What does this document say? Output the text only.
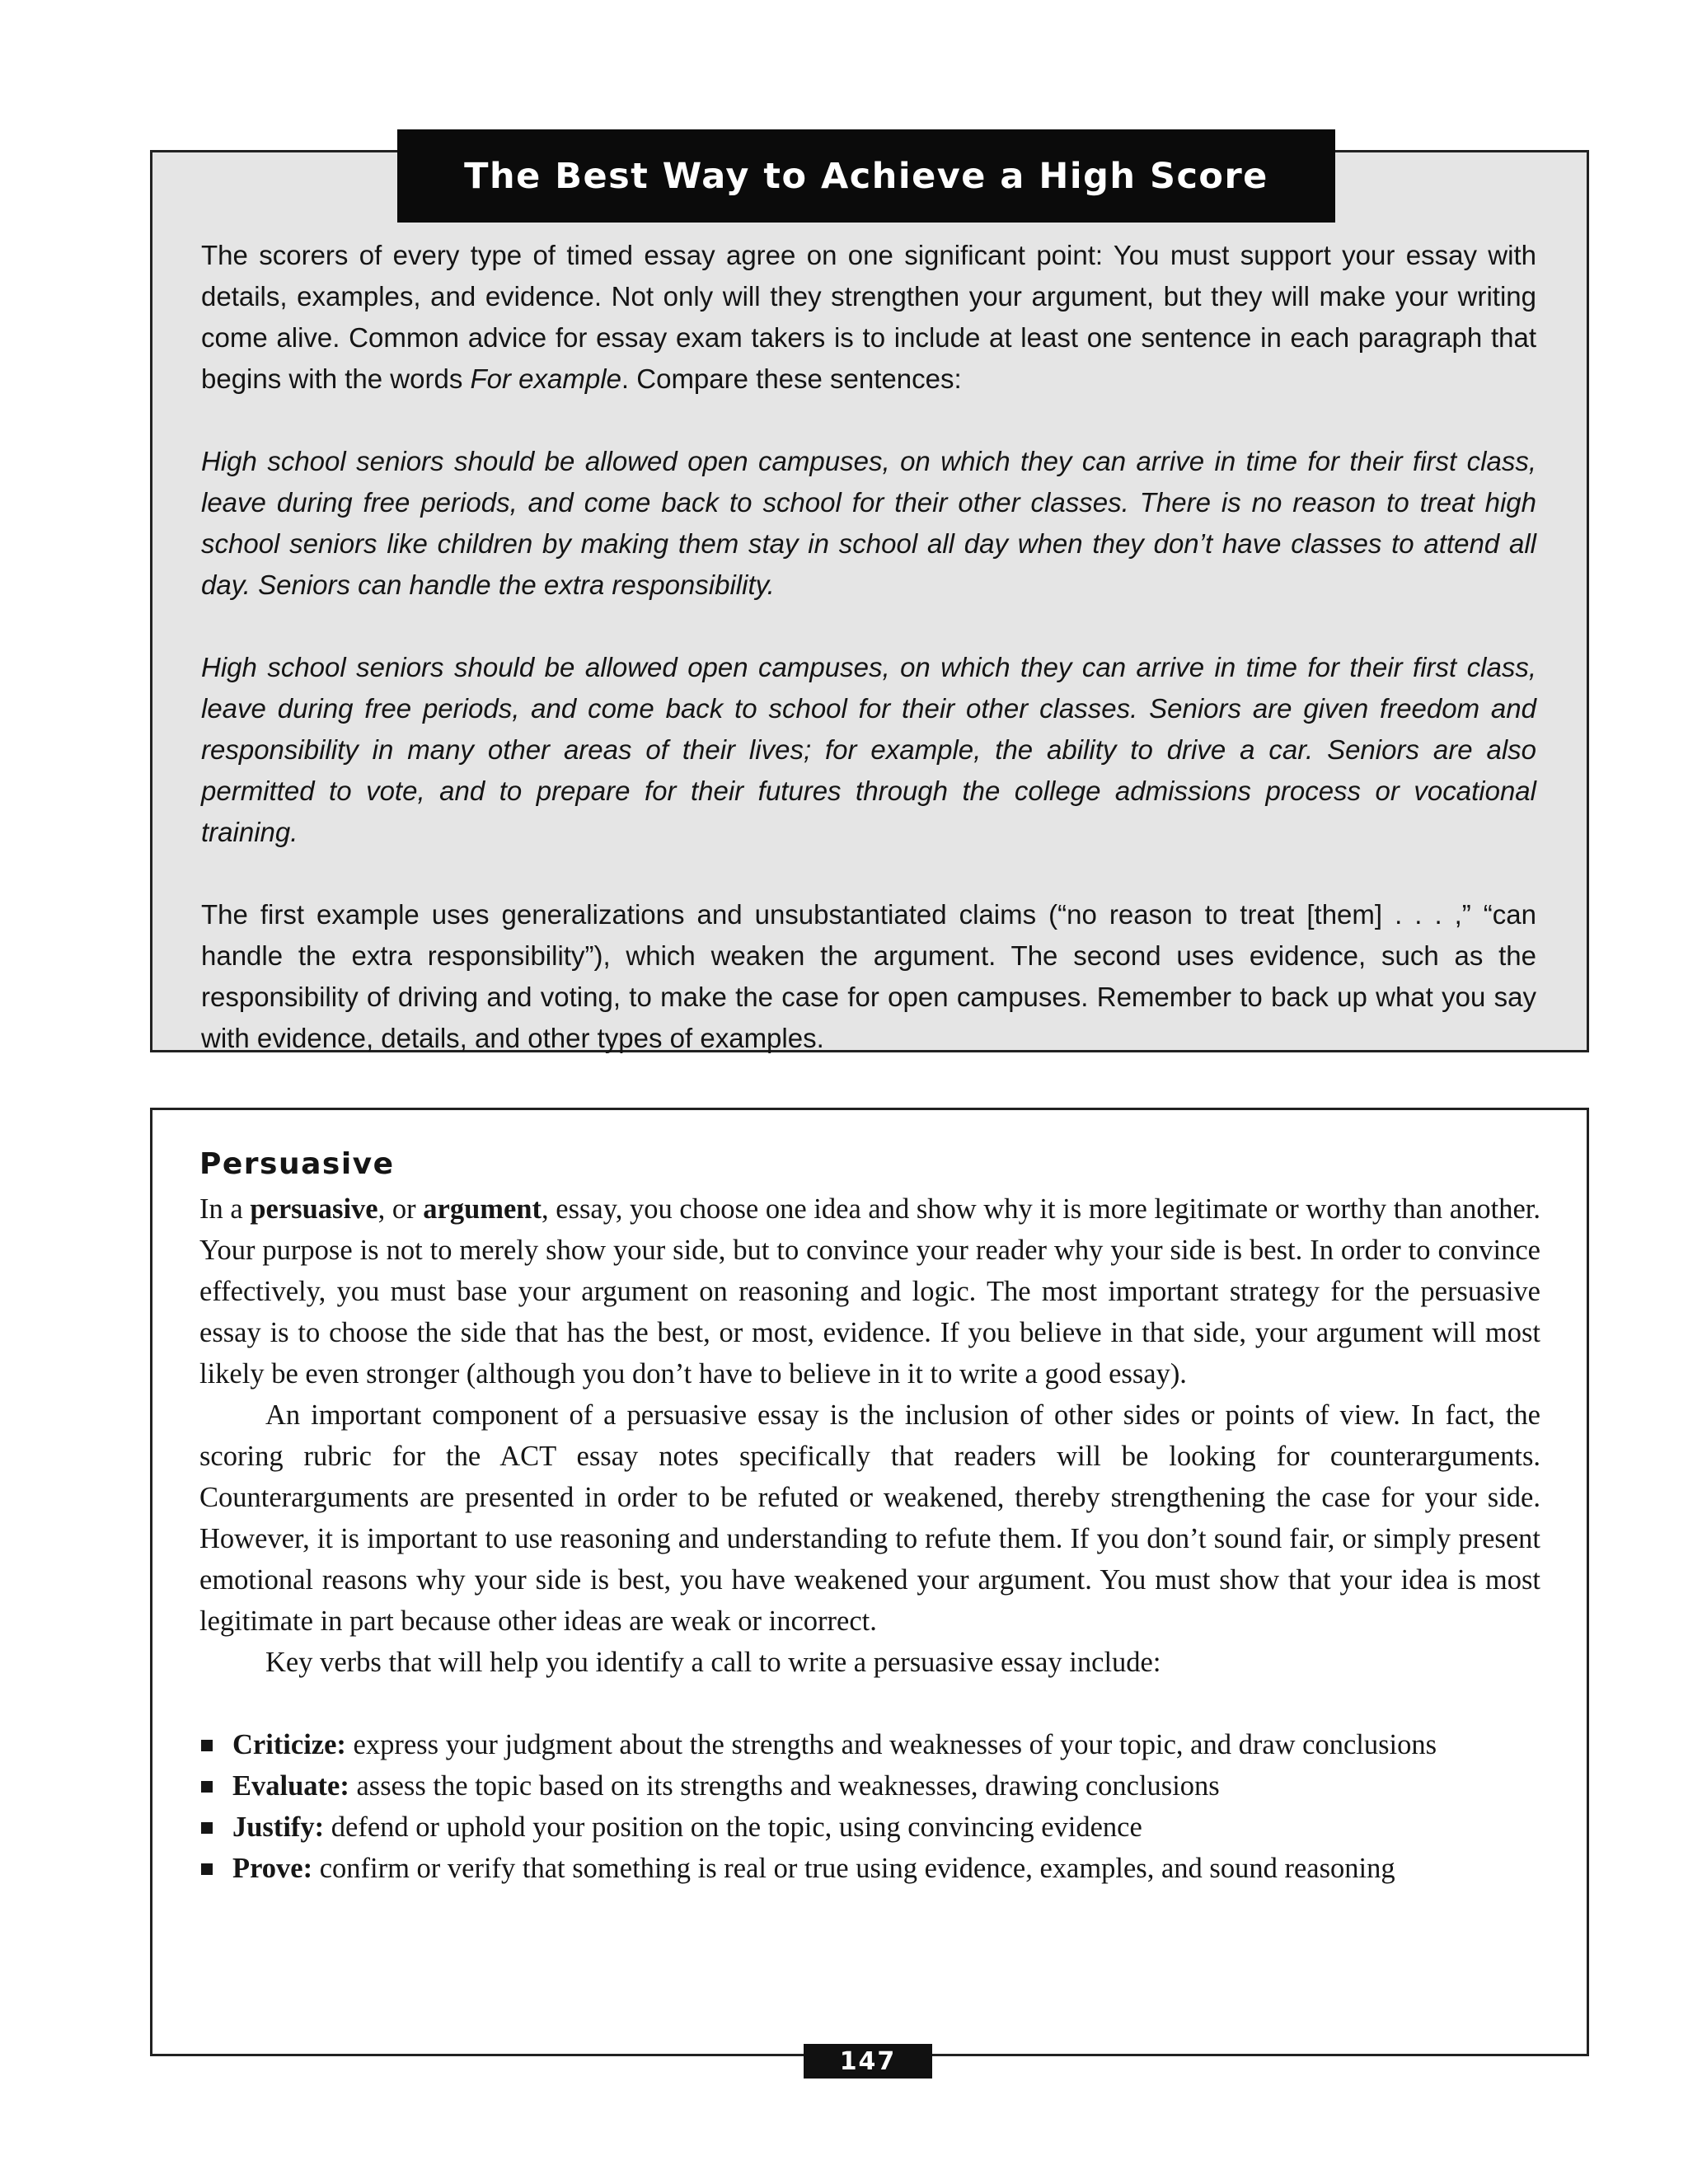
The Best Way to Achieve a High Score

The scorers of every type of timed essay agree on one significant point: You must support your essay with details, examples, and evidence. Not only will they strengthen your argument, but they will make your writing come alive. Common advice for essay exam takers is to include at least one sentence in each paragraph that begins with the words For example. Compare these sentences:

High school seniors should be allowed open campuses, on which they can arrive in time for their first class, leave during free periods, and come back to school for their other classes. There is no reason to treat high school seniors like children by making them stay in school all day when they don’t have classes to attend all day. Seniors can handle the extra responsibility.

High school seniors should be allowed open campuses, on which they can arrive in time for their first class, leave during free periods, and come back to school for their other classes. Seniors are given freedom and responsibility in many other areas of their lives; for example, the ability to drive a car. Seniors are also permitted to vote, and to prepare for their futures through the college admissions process or vocational training.

The first example uses generalizations and unsubstantiated claims (“no reason to treat [them] . . . ,” “can handle the extra responsibility”), which weaken the argument. The second uses evidence, such as the responsibility of driving and voting, to make the case for open campuses. Remember to back up what you say with evidence, details, and other types of examples.

Persuasive

In a persuasive, or argument, essay, you choose one idea and show why it is more legitimate or worthy than another. Your purpose is not to merely show your side, but to convince your reader why your side is best. In order to convince effectively, you must base your argument on reasoning and logic. The most important strategy for the persuasive essay is to choose the side that has the best, or most, evidence. If you believe in that side, your argument will most likely be even stronger (although you don’t have to believe in it to write a good essay).

An important component of a persuasive essay is the inclusion of other sides or points of view. In fact, the scoring rubric for the ACT essay notes specifically that readers will be looking for counterarguments. Counterarguments are presented in order to be refuted or weakened, thereby strengthening the case for your side. However, it is important to use reasoning and understanding to refute them. If you don’t sound fair, or simply present emotional reasons why your side is best, you have weakened your argument. You must show that your idea is most legitimate in part because other ideas are weak or incorrect.

Key verbs that will help you identify a call to write a persuasive essay include:

Criticize: express your judgment about the strengths and weaknesses of your topic, and draw conclusions
Evaluate: assess the topic based on its strengths and weaknesses, drawing conclusions
Justify: defend or uphold your position on the topic, using convincing evidence
Prove: confirm or verify that something is real or true using evidence, examples, and sound reasoning
147
